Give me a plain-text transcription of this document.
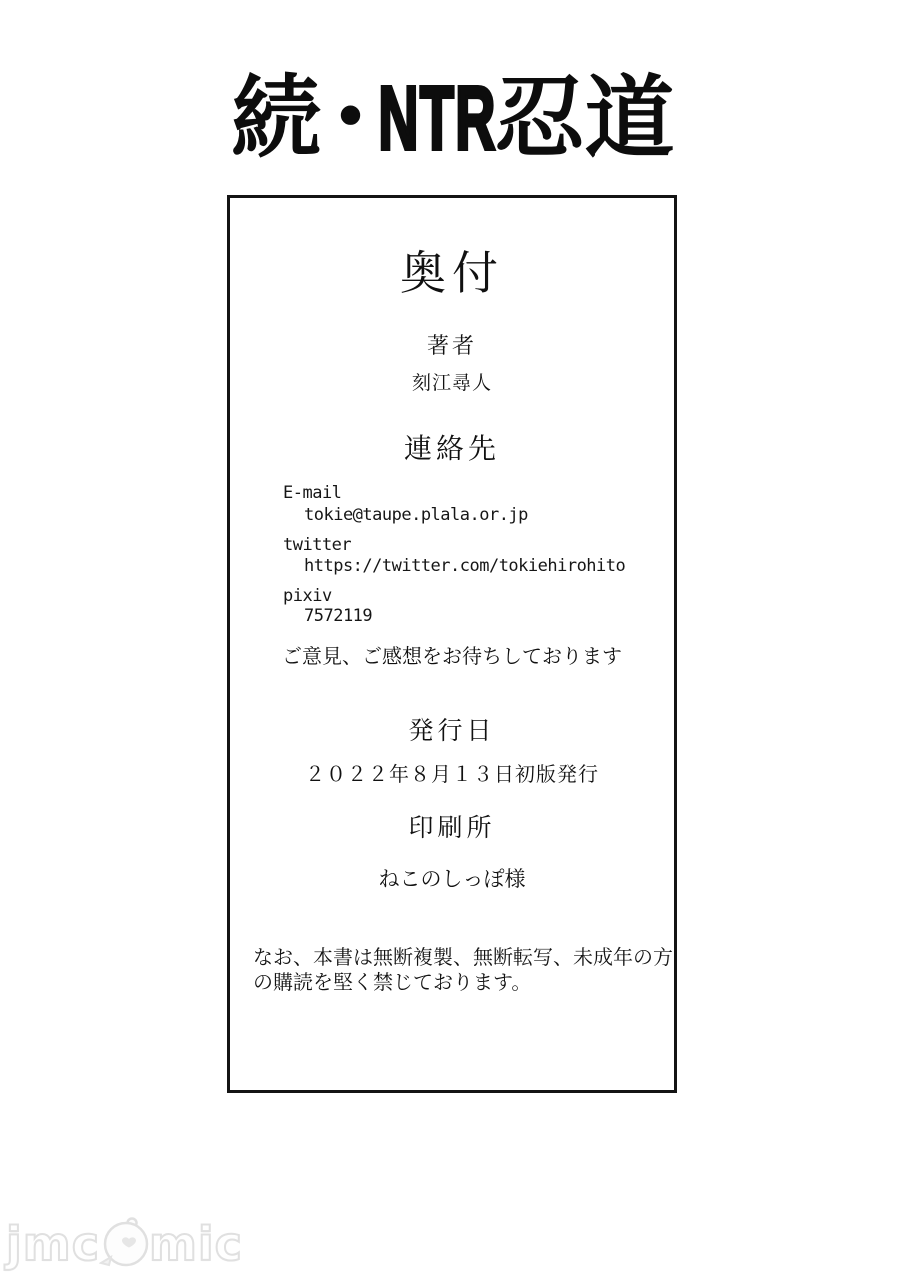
続・NTR忍道
奥付
著者
刻江尋人
連絡先
E-mail
tokie@taupe.plala.or.jp
twitter
https://twitter.com/tokiehirohito
pixiv
7572119
ご意見、ご感想をお待ちしております
発行日
２０２２年８月１３日初版発行
印刷所
ねこのしっぽ様
なお、本書は無断複製、無断転写、未成年の方の購読を堅く禁じております。
jmc mic
